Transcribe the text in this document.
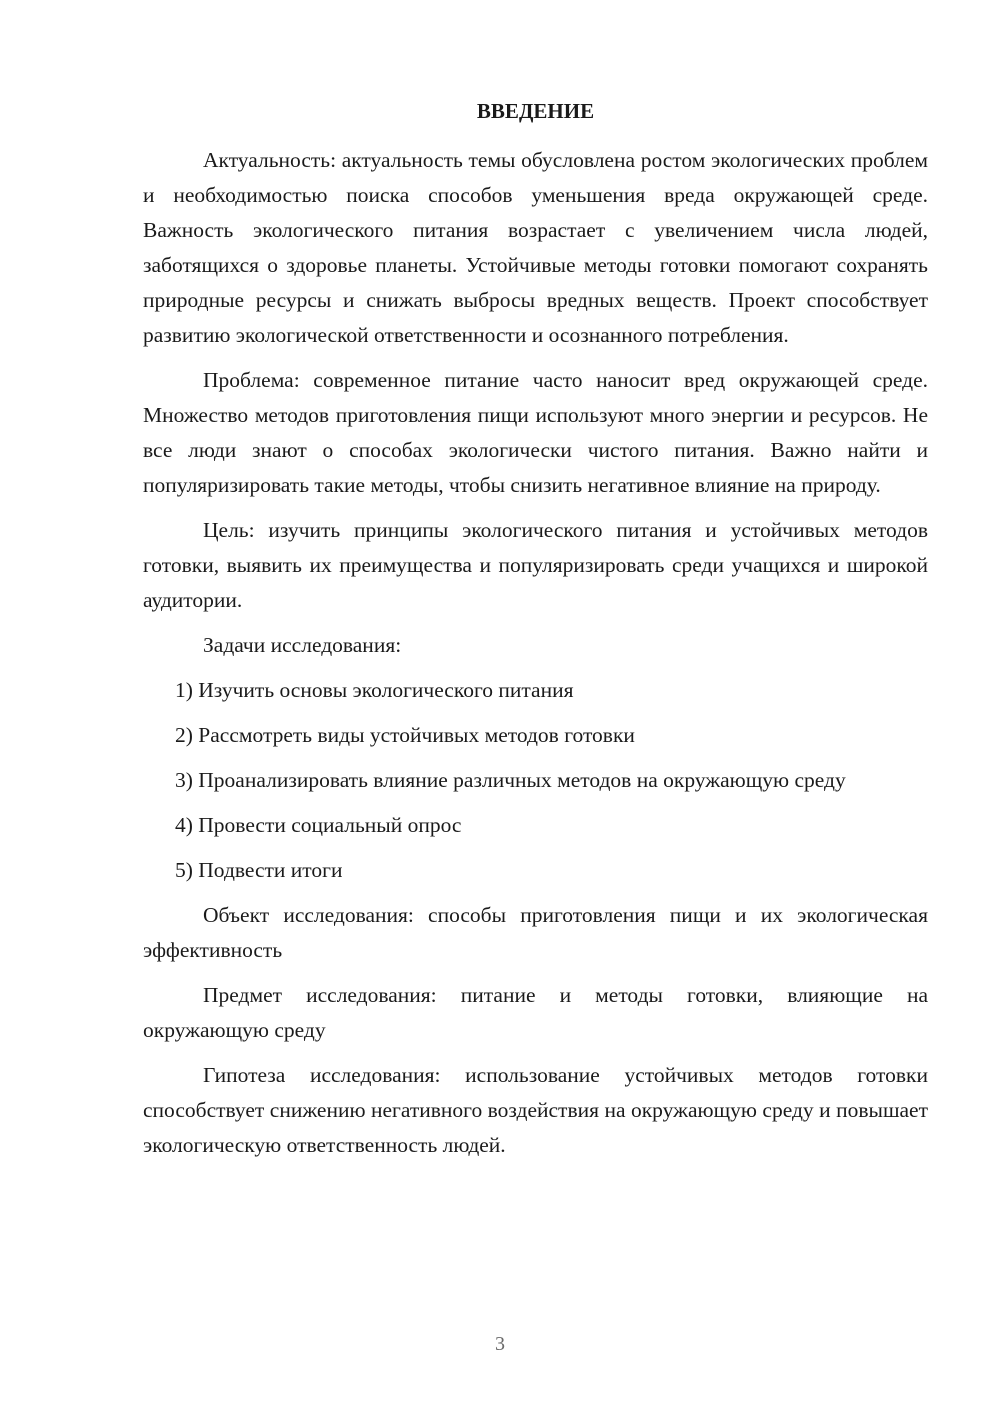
ВВЕДЕНИЕ

Актуальность: актуальность темы обусловлена ростом экологических проблем и необходимостью поиска способов уменьшения вреда окружающей среде. Важность экологического питания возрастает с увеличением числа людей, заботящихся о здоровье планеты. Устойчивые методы готовки помогают сохранять природные ресурсы и снижать выбросы вредных веществ. Проект способствует развитию экологической ответственности и осознанного потребления.

Проблема: современное питание часто наносит вред окружающей среде. Множество методов приготовления пищи используют много энергии и ресурсов. Не все люди знают о способах экологически чистого питания. Важно найти и популяризировать такие методы, чтобы снизить негативное влияние на природу.

Цель: изучить принципы экологического питания и устойчивых методов готовки, выявить их преимущества и популяризировать среди учащихся и широкой аудитории.

Задачи исследования:

1) Изучить основы экологического питания

2) Рассмотреть виды устойчивых методов готовки

3) Проанализировать влияние различных методов на окружающую среду

4) Провести социальный опрос

5) Подвести итоги

Объект исследования: способы приготовления пищи и их экологическая эффективность

Предмет исследования: питание и методы готовки, влияющие на окружающую среду

Гипотеза исследования: использование устойчивых методов готовки способствует снижению негативного воздействия на окружающую среду и повышает экологическую ответственность людей.

3
